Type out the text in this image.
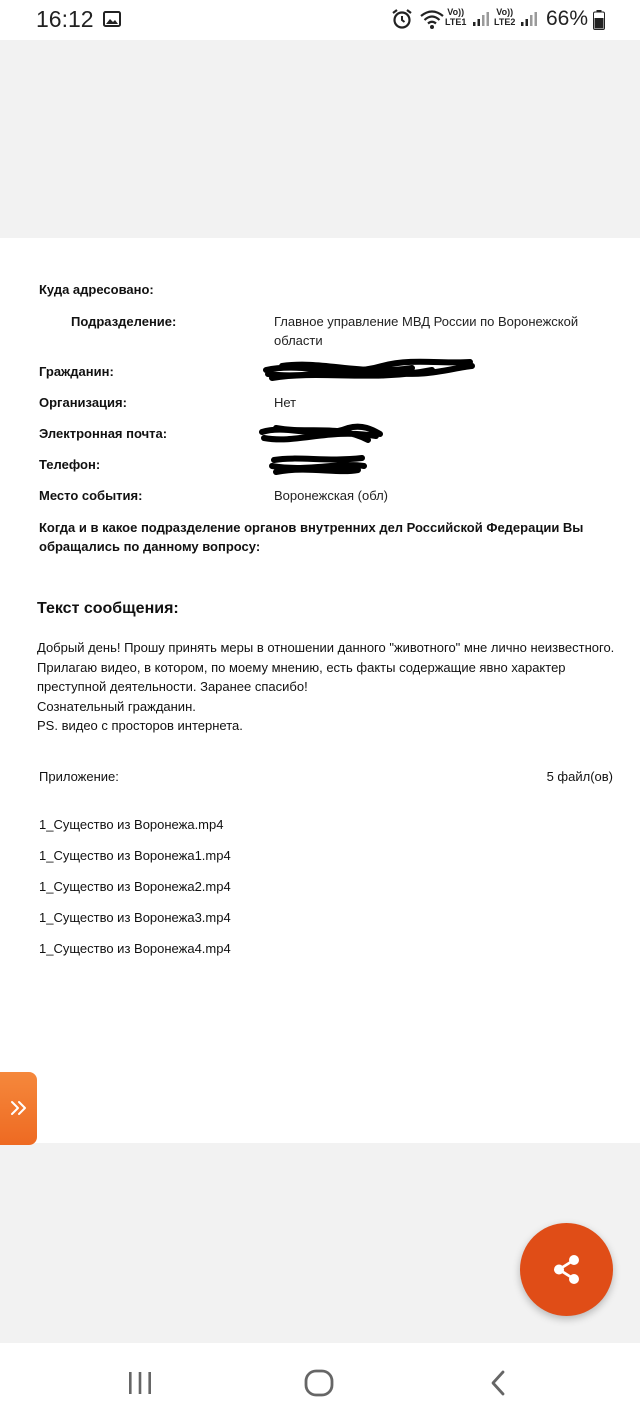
16:12	Vo))
LTE1
Vo))
LTE2 66%
Куда адресовано:
Подразделение:	Главное управление МВД России по Воронежской
области
Гражданин:
Организация:	Нет
Электронная почта:
Телефон:
Место события:	Воронежская (обл)
Когда и в какое подразделение органов внутренних дел Российской Федерации Вы
обращались по данному вопросу:
Текст сообщения:
Добрый день! Прошу принять меры в отношении данного "животного" мне лично неизвестного.
Прилагаю видео, в котором, по моему мнению, есть факты содержащие явно характер
преступной деятельности. Заранее спасибо!
Сознательный гражданин.
PS. видео с просторов интернета.
Приложение:	5 файл(ов)
1_Существо из Воронежа.mp4
1_Существо из Воронежа1.mp4
1_Существо из Воронежа2.mp4
1_Существо из Воронежа3.mp4
1_Существо из Воронежа4.mp4
